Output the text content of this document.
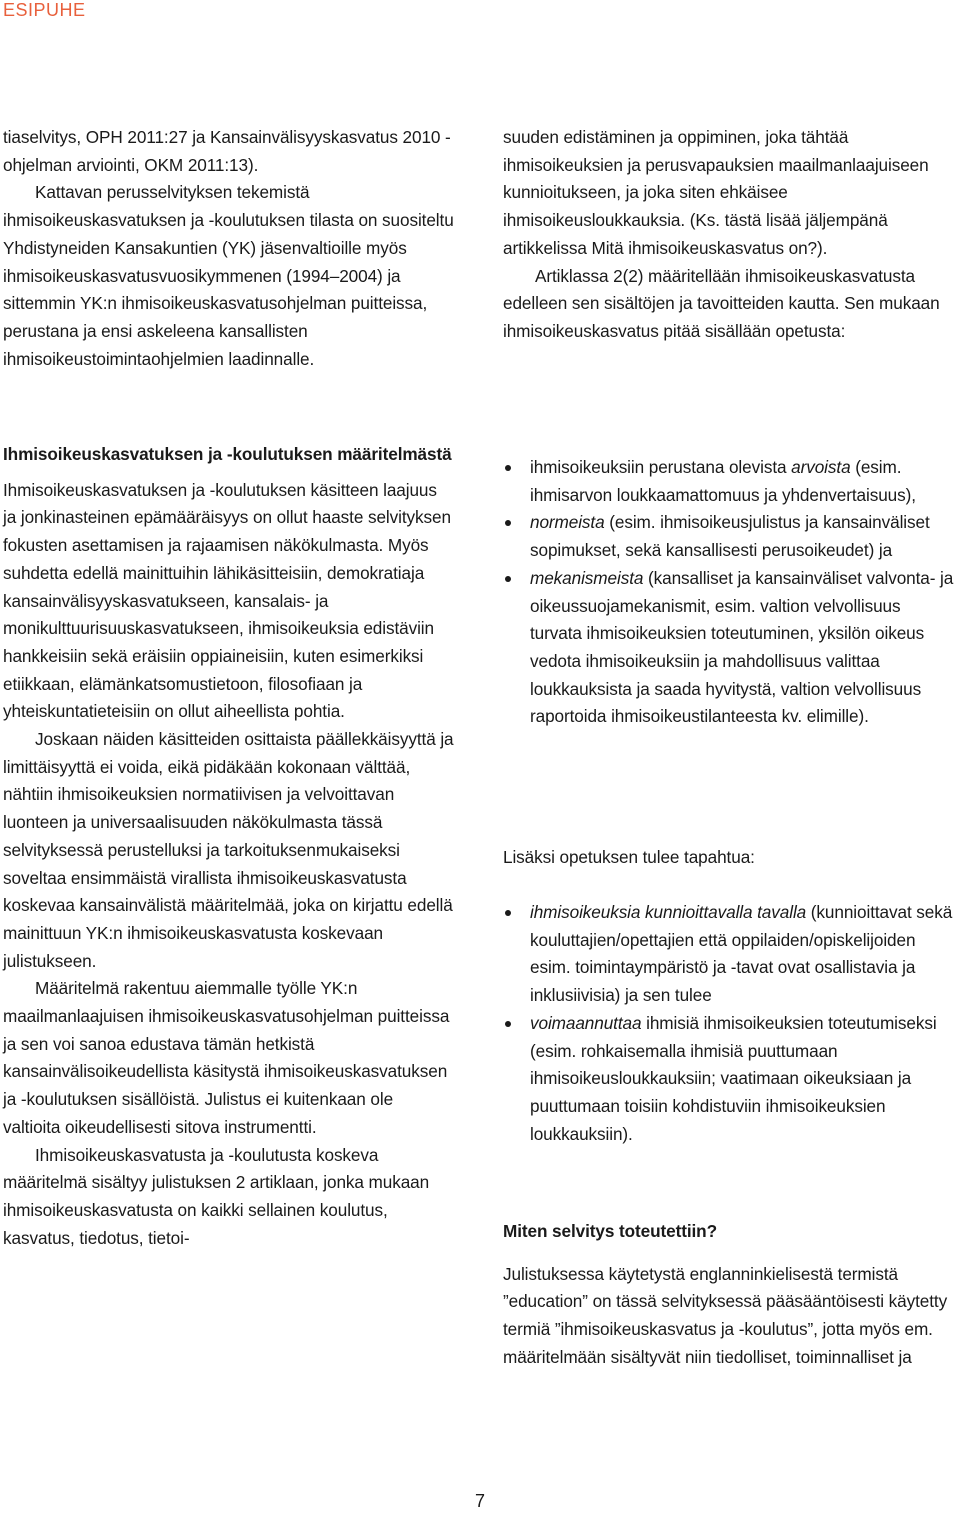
ESIPUHE

tiaselvitys, OPH 2011:27 ja Kansainvälisyyskasvatus 2010 -ohjelman arviointi, OKM 2011:13).

Kattavan perusselvityksen tekemistä ihmisoikeuskasvatuksen ja -koulutuksen tilasta on suositeltu Yhdistyneiden Kansakuntien (YK) jäsenvaltioille myös ihmisoikeuskasvatusvuosikymmenen (1994–2004) ja sittemmin YK:n ihmisoikeuskasvatusohjelman puitteissa, perustana ja ensi askeleena kansallisten ihmisoikeustoimintaohjelmien laadinnalle.

suuden edistäminen ja oppiminen, joka tähtää ihmisoikeuksien ja perusvapauksien maailmanlaajuiseen kunnioitukseen, ja joka siten ehkäisee ihmisoikeusloukkauksia. (Ks. tästä lisää jäljempänä artikkelissa Mitä ihmisoikeuskasvatus on?).

Artiklassa 2(2) määritellään ihmisoikeuskasvatusta edelleen sen sisältöjen ja tavoitteiden kautta. Sen mukaan ihmisoikeuskasvatus pitää sisällään opetusta:

Ihmisoikeuskasvatuksen ja -koulutuksen määritelmästä

Ihmisoikeuskasvatuksen ja -koulutuksen käsitteen laajuus ja jonkinasteinen epämääräisyys on ollut haaste selvityksen fokusten asettamisen ja rajaamisen näkökulmasta. Myös suhdetta edellä mainittuihin lähikäsitteisiin, demokratiaja kansainvälisyyskasvatukseen, kansalais- ja monikulttuurisuuskasvatukseen, ihmisoikeuksia edistäviin hankkeisiin sekä eräisiin oppiaineisiin, kuten esimerkiksi etiikkaan, elämänkatsomustietoon, filosofiaan ja yhteiskuntatieteisiin on ollut aiheellista pohtia.

Joskaan näiden käsitteiden osittaista päällekkäisyyttä ja limittäisyyttä ei voida, eikä pidäkään kokonaan välttää, nähtiin ihmisoikeuksien normatiivisen ja velvoittavan luonteen ja universaalisuuden näkökulmasta tässä selvityksessä perustelluksi ja tarkoituksenmukaiseksi soveltaa ensimmäistä virallista ihmisoikeuskasvatusta koskevaa kansainvälistä määritelmää, joka on kirjattu edellä mainittuun YK:n ihmisoikeuskasvatusta koskevaan julistukseen.

Määritelmä rakentuu aiemmalle työlle YK:n maailmanlaajuisen ihmisoikeuskasvatusohjelman puitteissa ja sen voi sanoa edustava tämän hetkistä kansainvälisoikeudellista käsitystä ihmisoikeuskasvatuksen ja -koulutuksen sisällöistä. Julistus ei kuitenkaan ole valtioita oikeudellisesti sitova instrumentti.

Ihmisoikeuskasvatusta ja -koulutusta koskeva määritelmä sisältyy julistuksen 2 artiklaan, jonka mukaan ihmisoikeuskasvatusta on kaikki sellainen koulutus, kasvatus, tiedotus, tietoi-

ihmisoikeuksiin perustana olevista arvoista (esim. ihmisarvon loukkaamattomuus ja yhdenvertaisuus),
normeista (esim. ihmisoikeusjulistus ja kansainväliset sopimukset, sekä kansallisesti perusoikeudet) ja
mekanismeista (kansalliset ja kansainväliset valvonta- ja oikeussuojamekanismit, esim. valtion velvollisuus turvata ihmisoikeuksien toteutuminen, yksilön oikeus vedota ihmisoikeuksiin ja mahdollisuus valittaa loukkauksista ja saada hyvitystä, valtion velvollisuus raportoida ihmisoikeustilanteesta kv. elimille).

Lisäksi opetuksen tulee tapahtua:

ihmisoikeuksia kunnioittavalla tavalla (kunnioittavat sekä kouluttajien/opettajien että oppilaiden/opiskelijoiden esim. toimintaympäristö ja -tavat ovat osallistavia ja inklusiivisia) ja sen tulee
voimaannuttaa ihmisiä ihmisoikeuksien toteutumiseksi (esim. rohkaisemalla ihmisiä puuttumaan ihmisoikeusloukkauksiin; vaatimaan oikeuksiaan ja puuttumaan toisiin kohdistuviin ihmisoikeuksien loukkauksiin).
Miten selvitys toteutettiin?

Julistuksessa käytetystä englanninkielisestä termistä ”education” on tässä selvityksessä pääsääntöisesti käytetty termiä ”ihmisoikeuskasvatus ja -koulutus”, jotta myös em. määritelmään sisältyvät niin tiedolliset, toiminnalliset ja

7
